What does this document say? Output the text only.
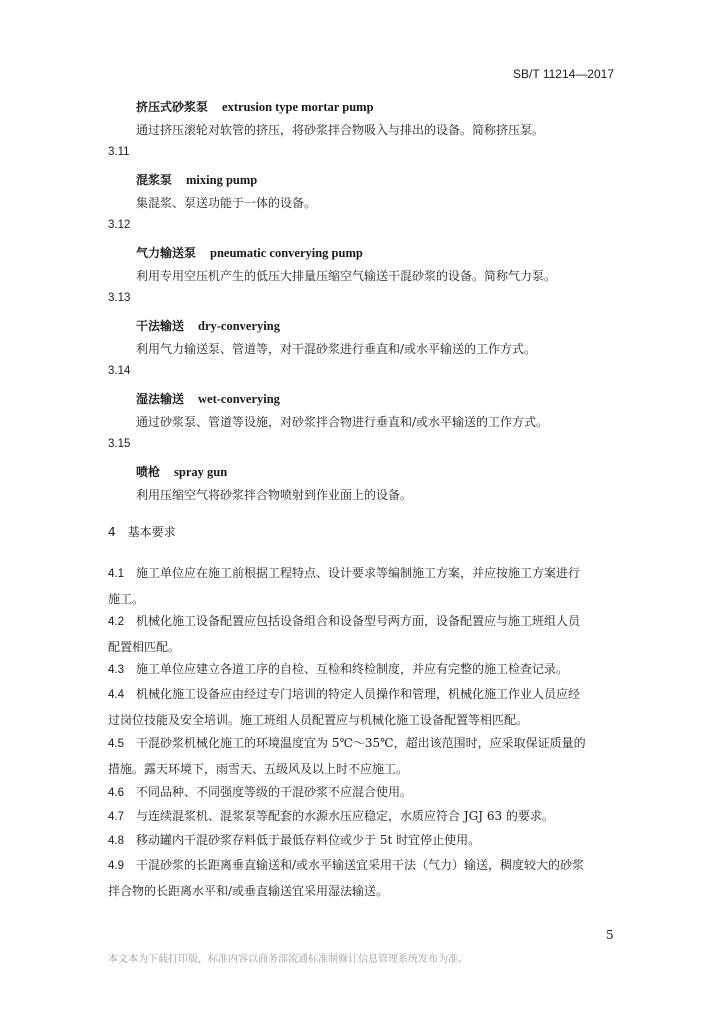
SB/T 11214—2017
挤压式砂浆泵 extrusion type mortar pump
通过挤压滚轮对软管的挤压，将砂浆拌合物吸入与排出的设备。简称挤压泵。
3.11
混浆泵 mixing pump
集混浆、泵送功能于一体的设备。
3.12
气力输送泵 pneumatic converying pump
利用专用空压机产生的低压大排量压缩空气输送干混砂浆的设备。简称气力泵。
3.13
干法输送 dry-converying
利用气力输送泵、管道等，对干混砂浆进行垂直和/或水平输送的工作方式。
3.14
湿法输送 wet-converying
通过砂浆泵、管道等设施，对砂浆拌合物进行垂直和/或水平输送的工作方式。
3.15
喷枪 spray gun
利用压缩空气将砂浆拌合物喷射到作业面上的设备。
4 基本要求
4.1 施工单位应在施工前根据工程特点、设计要求等编制施工方案，并应按施工方案进行
施工。
4.2 机械化施工设备配置应包括设备组合和设备型号两方面，设备配置应与施工班组人员
配置相匹配。
4.3 施工单位应建立各道工序的自检、互检和终检制度，并应有完整的施工检查记录。
4.4 机械化施工设备应由经过专门培训的特定人员操作和管理，机械化施工作业人员应经
过岗位技能及安全培训。施工班组人员配置应与机械化施工设备配置等相匹配。
4.5 干混砂浆机械化施工的环境温度宜为 5℃～35℃，超出该范围时，应采取保证质量的
措施。露天环境下，雨雪天、五级风及以上时不应施工。
4.6 不同品种、不同强度等级的干混砂浆不应混合使用。
4.7 与连续混浆机、混浆泵等配套的水源水压应稳定，水质应符合 JGJ 63 的要求。
4.8 移动罐内干混砂浆存料低于最低存料位或少于 5t 时宜停止使用。
4.9 干混砂浆的长距离垂直输送和/或水平输送宜采用干法（气力）输送，稠度较大的砂浆
拌合物的长距离水平和/或垂直输送宜采用湿法输送。
5
本文本为下载打印版，标准内容以商务部流通标准制修订信息管理系统发布为准。
